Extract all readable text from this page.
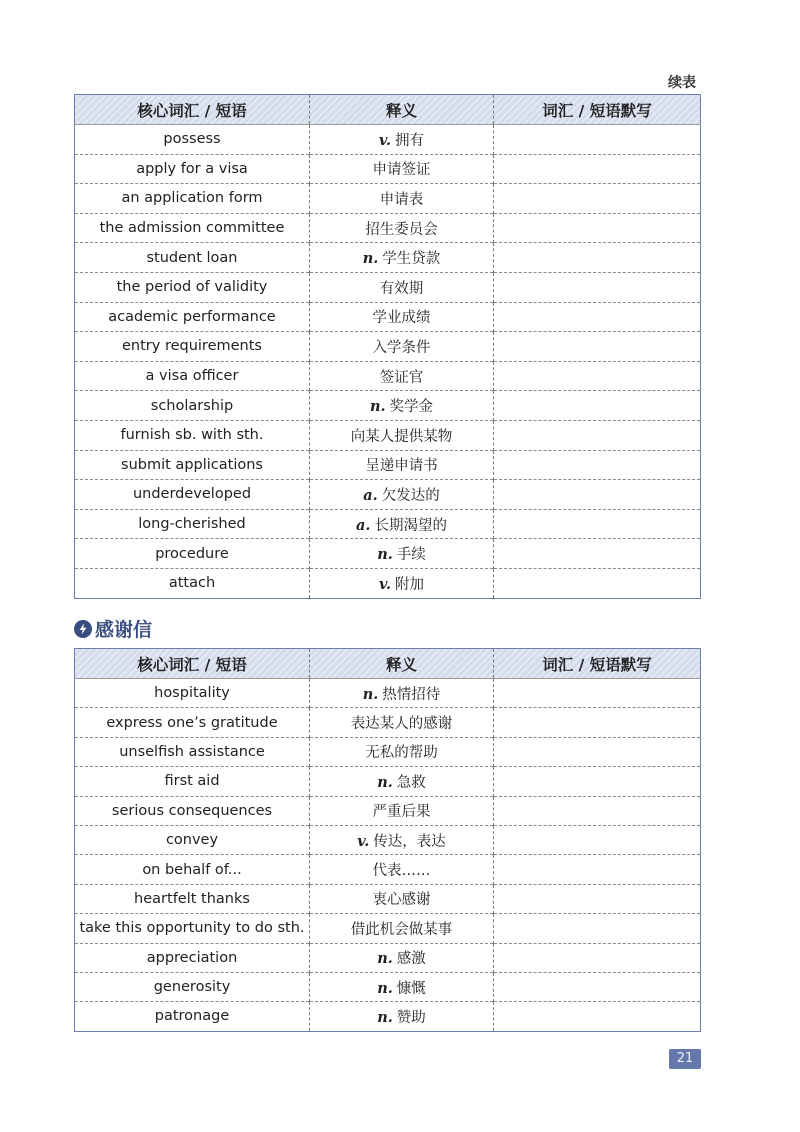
续表
核心词汇 / 短语	释义	词汇 / 短语默写
possess	v. 拥有	
apply for a visa	申请签证	
an application form	申请表	
the admission committee	招生委员会	
student loan	n. 学生贷款	
the period of validity	有效期	
academic performance	学业成绩	
entry requirements	入学条件	
a visa officer	签证官	
scholarship	n. 奖学金	
furnish sb. with sth.	向某人提供某物	
submit applications	呈递申请书	
underdeveloped	a. 欠发达的	
long-cherished	a. 长期渴望的	
procedure	n. 手续	
attach	v. 附加	
感谢信
核心词汇 / 短语	释义	词汇 / 短语默写
hospitality	n. 热情招待	
express one’s gratitude	表达某人的感谢	
unselfish assistance	无私的帮助	
first aid	n. 急救	
serious consequences	严重后果	
convey	v. 传达，表达	
on behalf of...	代表……	
heartfelt thanks	衷心感谢	
take this opportunity to do sth.	借此机会做某事	
appreciation	n. 感激	
generosity	n. 慷慨	
patronage	n. 赞助	
21
